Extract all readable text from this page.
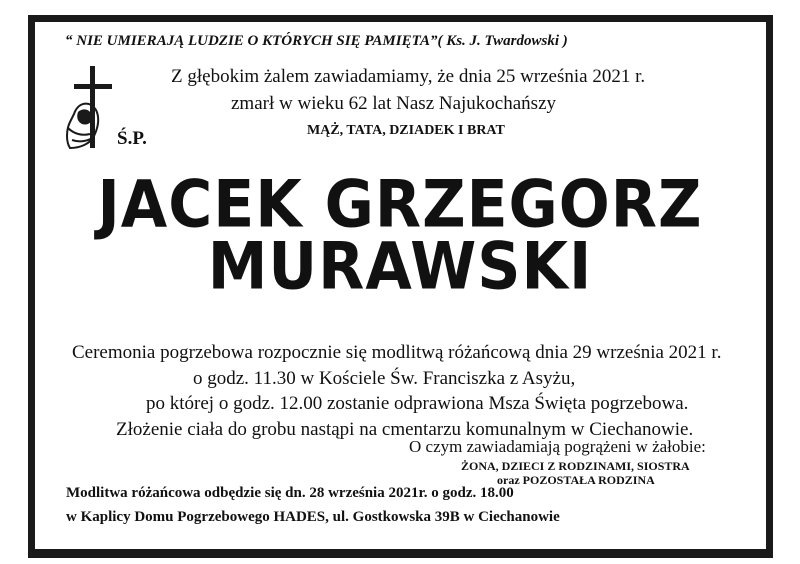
“ NIE UMIERAJĄ LUDZIE O KTÓRYCH SIĘ PAMIĘTA”( Ks. J. Twardowski )
Z głębokim żalem zawiadamiamy, że dnia 25 września 2021 r.
zmarł w wieku 62 lat Nasz Najukochańszy
Ś.P.	MĄŻ, TATA, DZIADEK I BRAT
JACEK GRZEGORZ
MURAWSKI
Ceremonia pogrzebowa rozpocznie się modlitwą różańcową dnia 29 września 2021 r.
o godz. 11.30 w Kościele Św. Franciszka z Asyżu,
po której o godz. 12.00 zostanie odprawiona Msza Święta pogrzebowa.
Złożenie ciała do grobu nastąpi na cmentarzu komunalnym w Ciechanowie.
O czym zawiadamiają pogrążeni w żałobie:
ŻONA, DZIECI Z RODZINAMI, SIOSTRA
oraz POZOSTAŁA RODZINA
Modlitwa różańcowa odbędzie się dn. 28 września 2021r. o godz. 18.00
w Kaplicy Domu Pogrzebowego HADES, ul. Gostkowska 39B w Ciechanowie
